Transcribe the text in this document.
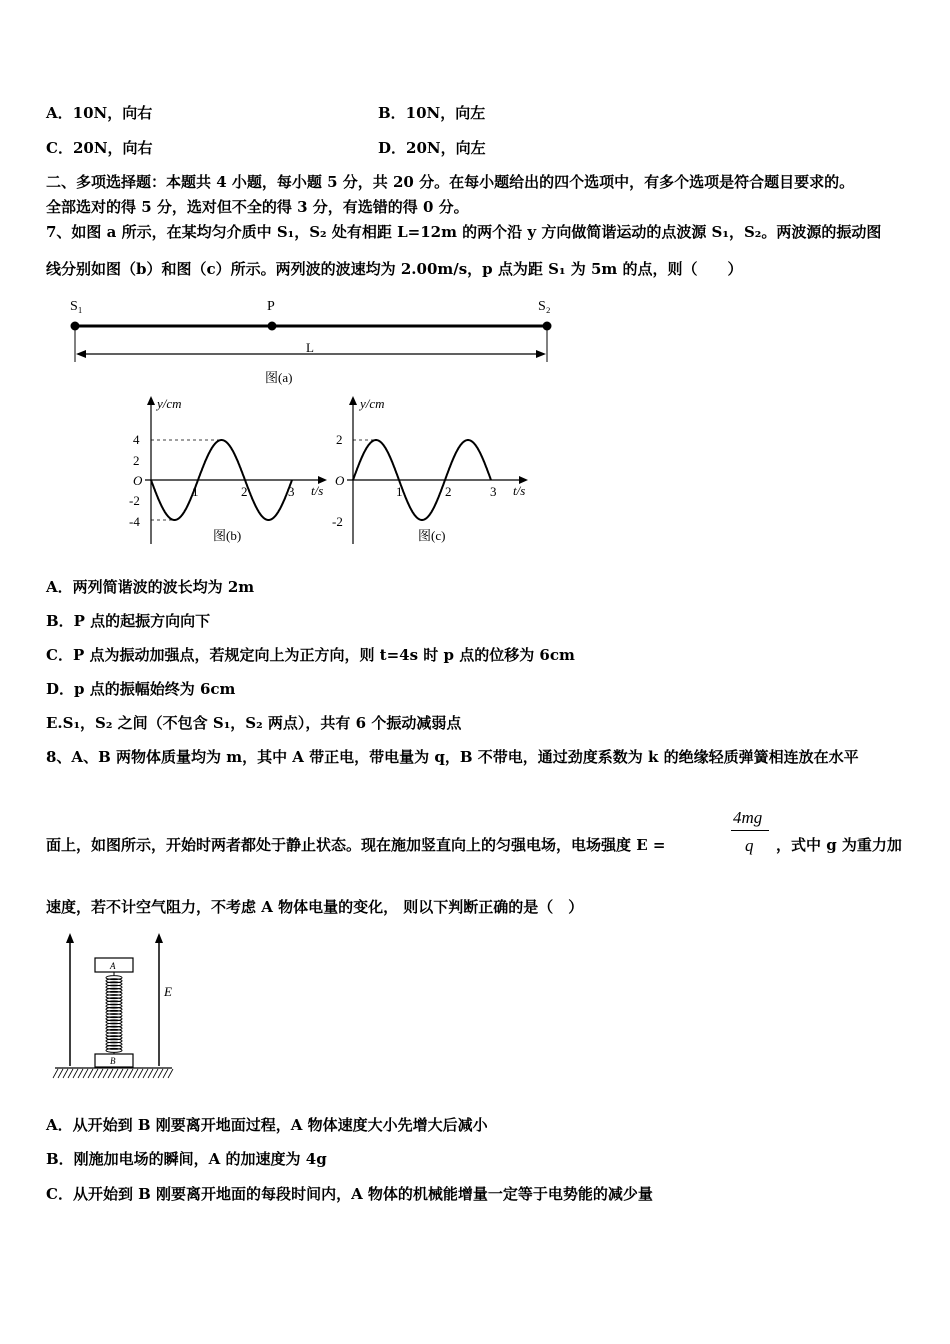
A．10N，向右	B．10N，向左
C．20N，向右	D．20N，向左
二、多项选择题：本题共 4 小题，每小题 5 分，共 20 分。在每小题给出的四个选项中，有多个选项是符合题目要求的。
全部选对的得 5 分，选对但不全的得 3 分，有选错的得 0 分。
7、如图 a 所示，在某均匀介质中 S₁，S₂ 处有相距 L=12m 的两个沿 y 方向做简谐运动的点波源 S₁，S₂。两波源的振动图
线分别如图（b）和图（c）所示。两列波的波速均为 2.00m/s，p 点为距 S₁ 为 5m 的点，则（　　）
S₁	P	S₂
L
图(a)
y/cm
t/s
O
4
2
-2
-4
1	2	3
图(b)
y/cm
t/s
O
2
-2
1	2	3
图(c)
A．两列简谐波的波长均为 2m
B．P 点的起振方向向下
C．P 点为振动加强点，若规定向上为正方向，则 t=4s 时 p 点的位移为 6cm
D．p 点的振幅始终为 6cm
E.S₁，S₂ 之间（不包含 S₁，S₂ 两点），共有 6 个振动减弱点
8、A、B 两物体质量均为 m，其中 A 带正电，带电量为 q，B 不带电，通过劲度系数为 k 的绝缘轻质弹簧相连放在水平
面上，如图所示，开始时两者都处于静止状态。现在施加竖直向上的匀强电场，电场强度 E =
4mg
q ，式中 g 为重力加
速度，若不计空气阻力，不考虑 A 物体电量的变化， 则以下判断正确的是（　）
E
A
B
A．从开始到 B 刚要离开地面过程，A 物体速度大小先增大后减小
B．刚施加电场的瞬间，A 的加速度为 4g
C．从开始到 B 刚要离开地面的每段时间内，A 物体的机械能增量一定等于电势能的减少量
